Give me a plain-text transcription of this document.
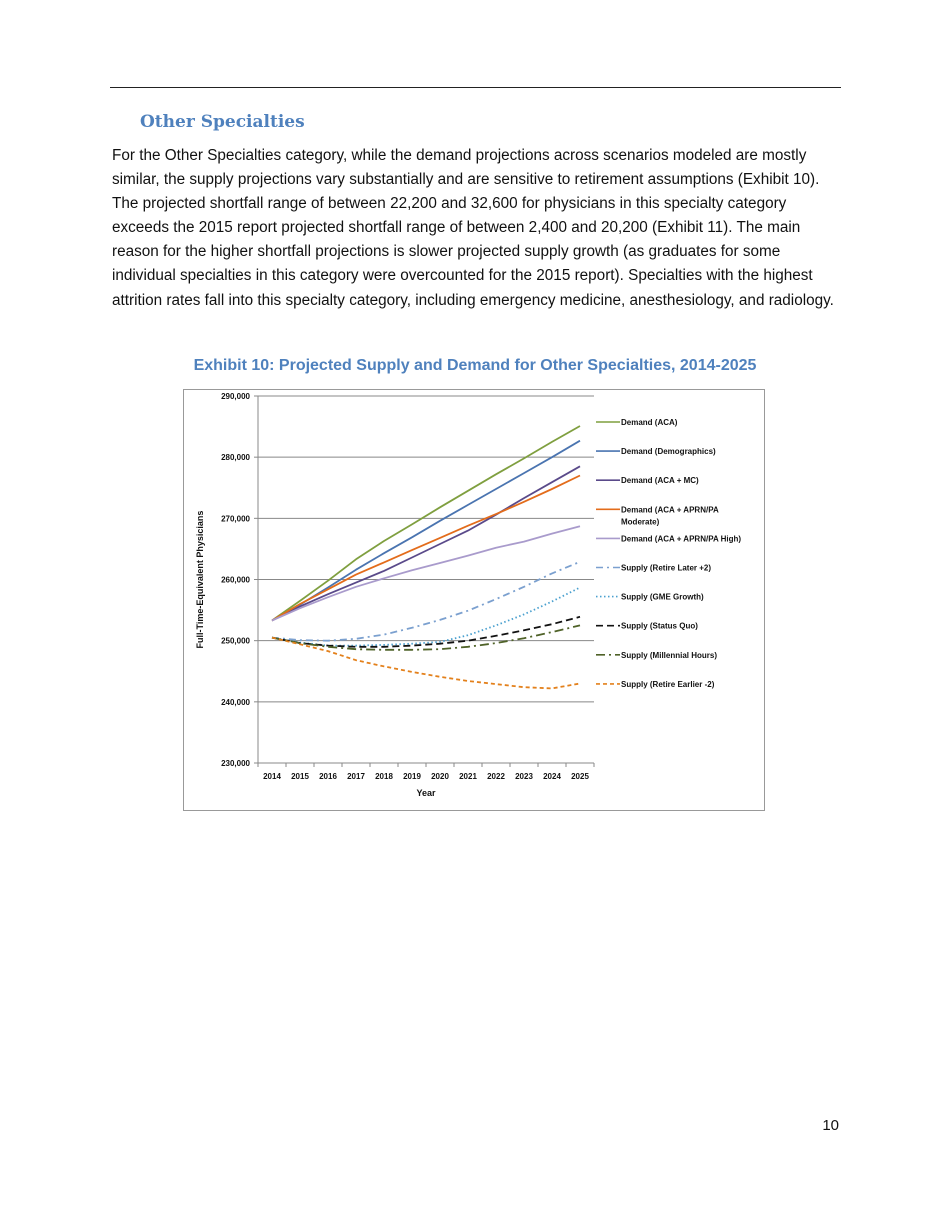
Other Specialties

For the Other Specialties category, while the demand projections across scenarios modeled are mostly similar, the supply projections vary substantially and are sensitive to retirement assumptions (Exhibit 10). The projected shortfall range of between 22,200 and 32,600 for physicians in this specialty category exceeds the 2015 report projected shortfall range of between 2,400 and 20,200 (Exhibit 11). The main reason for the higher shortfall projections is slower projected supply growth (as graduates for some individual specialties in this category were overcounted for the 2015 report). Specialties with the highest attrition rates fall into this specialty category, including emergency medicine, anesthesiology, and radiology.

Exhibit 10: Projected Supply and Demand for Other Specialties, 2014-2025
230,000
240,000
250,000
260,000
270,000
280,000
290,000
2014 2015 2016 2017 2018 2019 2020 2021 2022 2023 2024 2025
Year
Full-Time-Equivalent Physicians
Demand (ACA)
Demand (Demographics)
Demand (ACA + MC)
Demand (ACA + APRN/PA Moderate)
Demand (ACA + APRN/PA High)
Supply (Retire Later +2)
Supply (GME Growth)
Supply (Status Quo)
Supply (Millennial Hours)
Supply (Retire Earlier -2)
10
